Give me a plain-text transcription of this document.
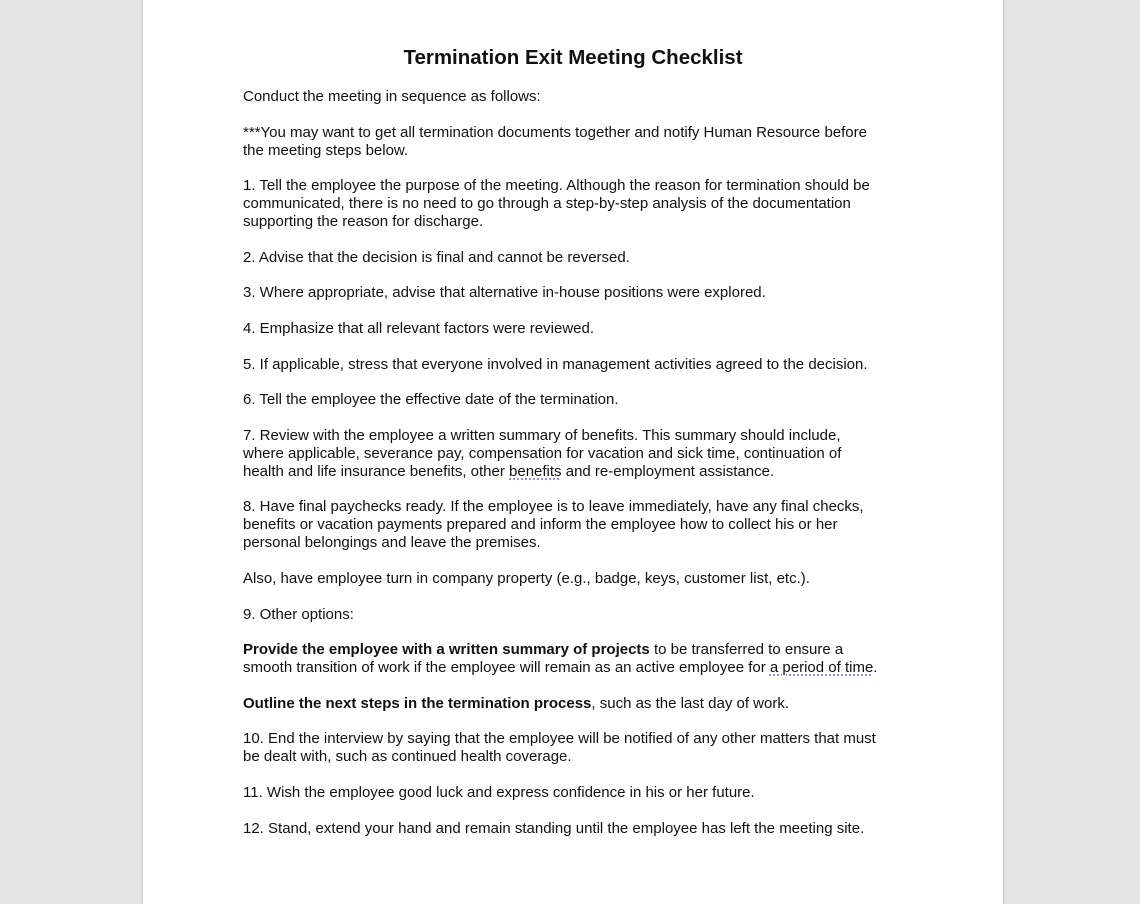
Termination Exit Meeting Checklist
Conduct the meeting in sequence as follows:
***You may want to get all termination documents together and notify Human Resource before
the meeting steps below.
1. Tell the employee the purpose of the meeting. Although the reason for termination should be
communicated, there is no need to go through a step-by-step analysis of the documentation
supporting the reason for discharge.
2. Advise that the decision is final and cannot be reversed.
3. Where appropriate, advise that alternative in-house positions were explored.
4. Emphasize that all relevant factors were reviewed.
5. If applicable, stress that everyone involved in management activities agreed to the decision.
6. Tell the employee the effective date of the termination.
7. Review with the employee a written summary of benefits. This summary should include,
where applicable, severance pay, compensation for vacation and sick time, continuation of
health and life insurance benefits, other benefits and re-employment assistance.
8. Have final paychecks ready. If the employee is to leave immediately, have any final checks,
benefits or vacation payments prepared and inform the employee how to collect his or her
personal belongings and leave the premises.
Also, have employee turn in company property (e.g., badge, keys, customer list, etc.).
9. Other options:
Provide the employee with a written summary of projects to be transferred to ensure a
smooth transition of work if the employee will remain as an active employee for a period of time.
Outline the next steps in the termination process, such as the last day of work.
10. End the interview by saying that the employee will be notified of any other matters that must
be dealt with, such as continued health coverage.
11. Wish the employee good luck and express confidence in his or her future.
12. Stand, extend your hand and remain standing until the employee has left the meeting site.
